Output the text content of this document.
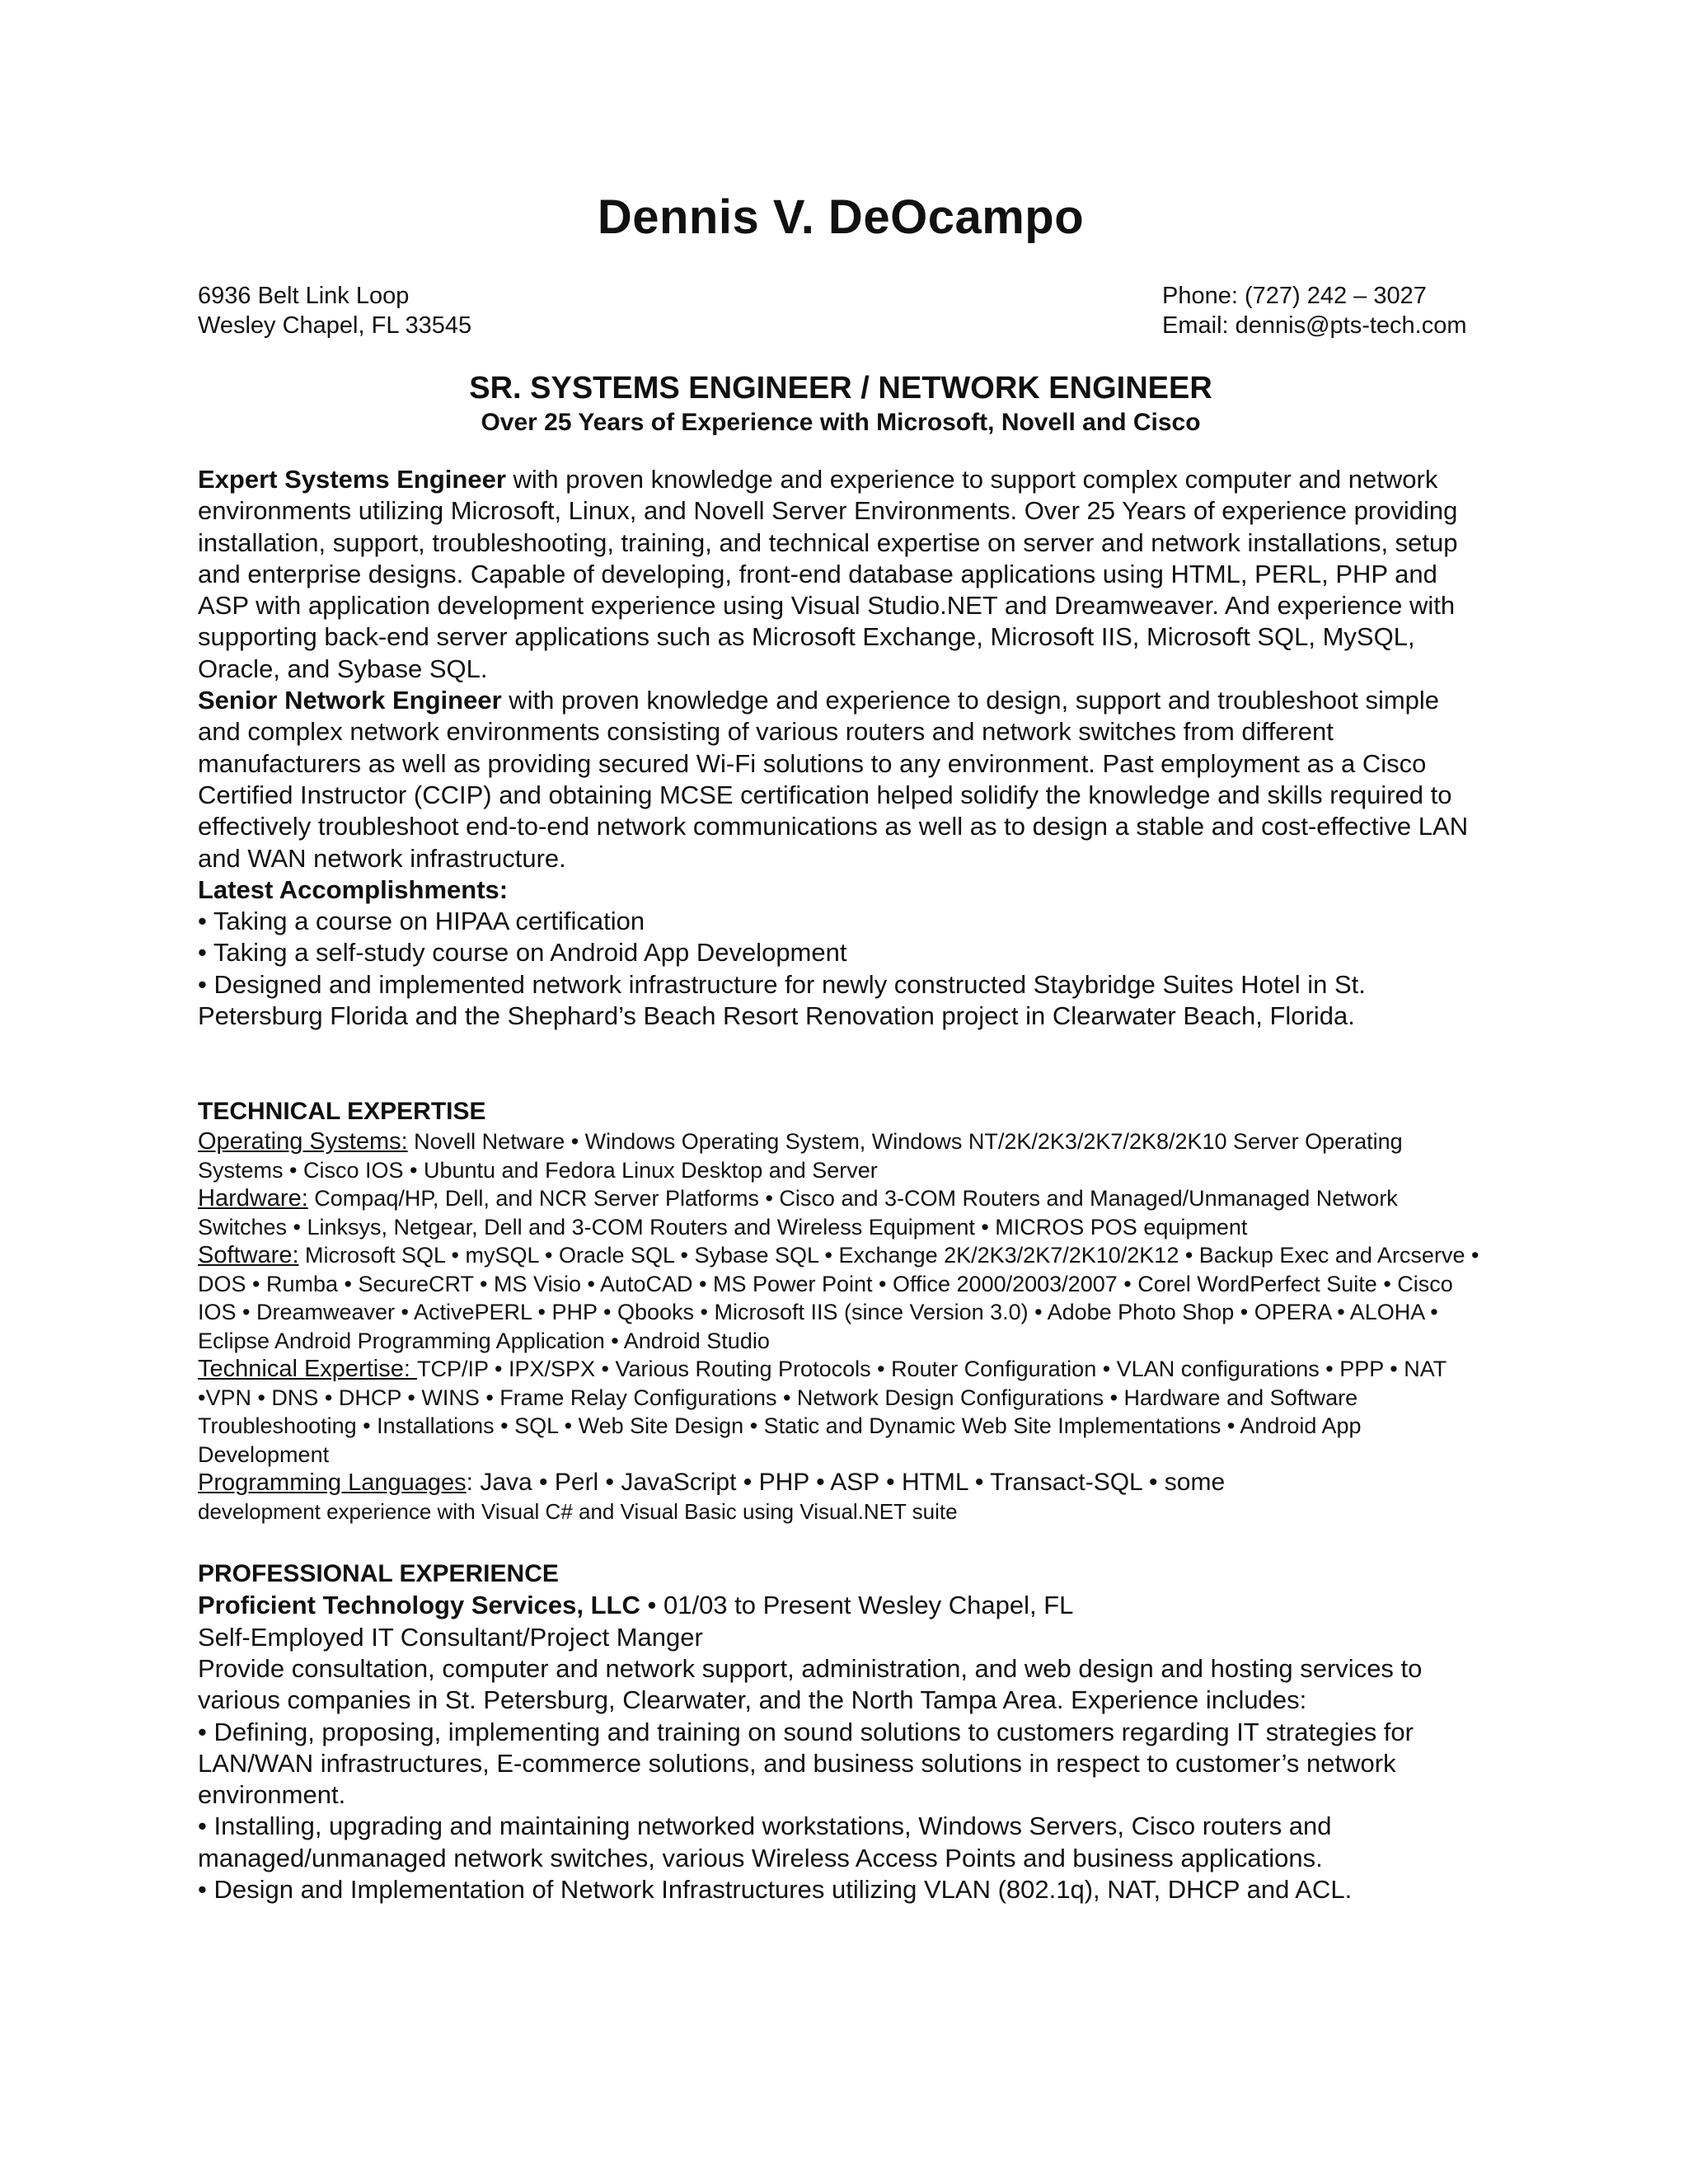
Dennis V. DeOcampo
6936 Belt Link Loop
Wesley Chapel, FL 33545
Phone: (727) 242 – 3027
Email: dennis@pts-tech.com
SR. SYSTEMS ENGINEER / NETWORK ENGINEER
Over 25 Years of Experience with Microsoft, Novell and Cisco

Expert Systems Engineer with proven knowledge and experience to support complex computer and network environments utilizing Microsoft, Linux, and Novell Server Environments. Over 25 Years of experience providing installation, support, troubleshooting, training, and technical expertise on server and network installations, setup and enterprise designs. Capable of developing, front-end database applications using HTML, PERL, PHP and ASP with application development experience using Visual Studio.NET and Dreamweaver. And experience with supporting back-end server applications such as Microsoft Exchange, Microsoft IIS, Microsoft SQL, MySQL, Oracle, and Sybase SQL.

Senior Network Engineer with proven knowledge and experience to design, support and troubleshoot simple and complex network environments consisting of various routers and network switches from different manufacturers as well as providing secured Wi-Fi solutions to any environment. Past employment as a Cisco Certified Instructor (CCIP) and obtaining MCSE certification helped solidify the knowledge and skills required to effectively troubleshoot end-to-end network communications as well as to design a stable and cost-effective LAN and WAN network infrastructure.

Latest Accomplishments:
• Taking a course on HIPAA certification
• Taking a self-study course on Android App Development
• Designed and implemented network infrastructure for newly constructed Staybridge Suites Hotel in St. Petersburg Florida and the Shephard’s Beach Resort Renovation project in Clearwater Beach, Florida.
TECHNICAL EXPERTISE

Operating Systems: Novell Netware • Windows Operating System, Windows NT/2K/2K3/2K7/2K8/2K10 Server Operating Systems • Cisco IOS • Ubuntu and Fedora Linux Desktop and Server

Hardware: Compaq/HP, Dell, and NCR Server Platforms • Cisco and 3-COM Routers and Managed/Unmanaged Network Switches • Linksys, Netgear, Dell and 3-COM Routers and Wireless Equipment • MICROS POS equipment

Software: Microsoft SQL • mySQL • Oracle SQL • Sybase SQL • Exchange 2K/2K3/2K7/2K10/2K12 • Backup Exec and Arcserve • DOS • Rumba • SecureCRT • MS Visio • AutoCAD • MS Power Point • Office 2000/2003/2007 • Corel WordPerfect Suite • Cisco IOS • Dreamweaver • ActivePERL • PHP • Qbooks • Microsoft IIS (since Version 3.0) • Adobe Photo Shop • OPERA • ALOHA • Eclipse Android Programming Application • Android Studio

Technical Expertise: TCP/IP • IPX/SPX • Various Routing Protocols • Router Configuration • VLAN configurations • PPP • NAT •VPN • DNS • DHCP • WINS • Frame Relay Configurations • Network Design Configurations • Hardware and Software Troubleshooting • Installations • SQL • Web Site Design • Static and Dynamic Web Site Implementations • Android App Development

Programming Languages: Java • Perl • JavaScript • PHP • ASP • HTML • Transact-SQL • some
development experience with Visual C# and Visual Basic using Visual.NET suite

PROFESSIONAL EXPERIENCE

Proficient Technology Services, LLC • 01/03 to Present Wesley Chapel, FL

Self-Employed IT Consultant/Project Manger

Provide consultation, computer and network support, administration, and web design and hosting services to various companies in St. Petersburg, Clearwater, and the North Tampa Area. Experience includes:

• Defining, proposing, implementing and training on sound solutions to customers regarding IT strategies for LAN/WAN infrastructures, E-commerce solutions, and business solutions in respect to customer’s network environment.
• Installing, upgrading and maintaining networked workstations, Windows Servers, Cisco routers and managed/unmanaged network switches, various Wireless Access Points and business applications.
• Design and Implementation of Network Infrastructures utilizing VLAN (802.1q), NAT, DHCP and ACL.
